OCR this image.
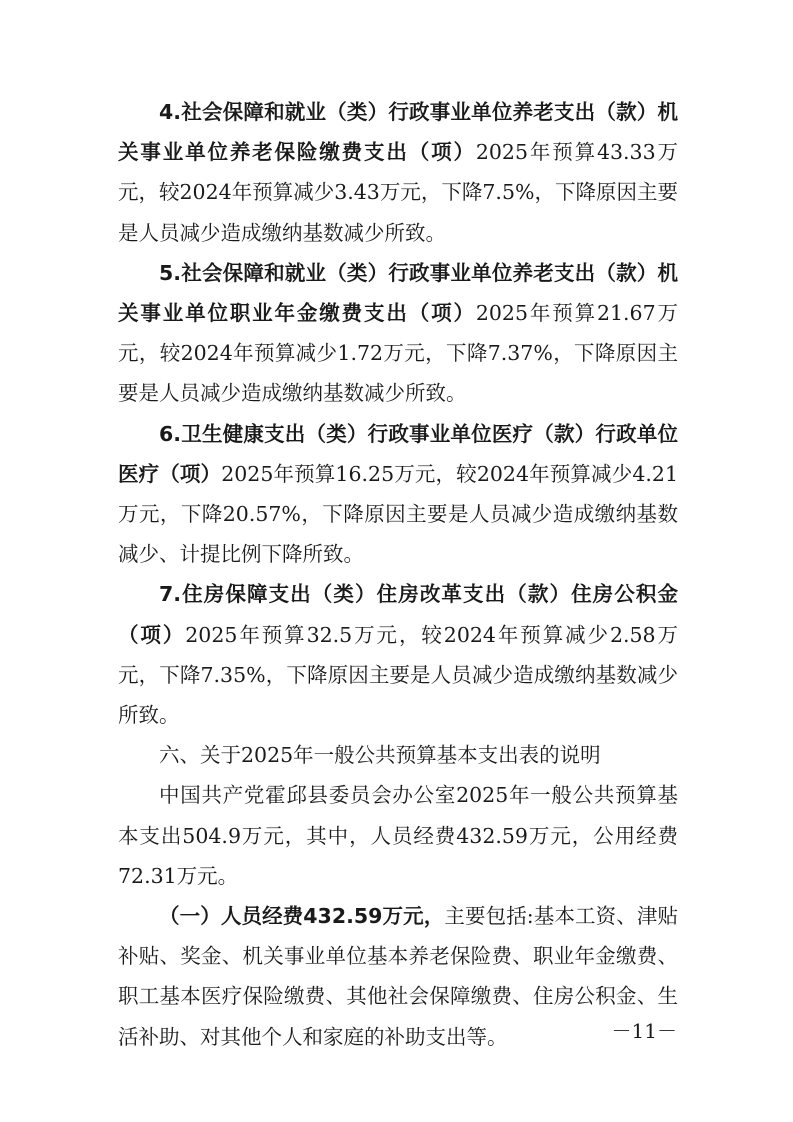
4.社会保障和就业（类）行政事业单位养老支出（款）机关事业单位养老保险缴费支出（项）2025年预算43.33万元，较2024年预算减少3.43万元，下降7.5%，下降原因主要是人员减少造成缴纳基数减少所致。

5.社会保障和就业（类）行政事业单位养老支出（款）机关事业单位职业年金缴费支出（项）2025年预算21.67万元，较2024年预算减少1.72万元，下降7.37%，下降原因主要是人员减少造成缴纳基数减少所致。

6.卫生健康支出（类）行政事业单位医疗（款）行政单位医疗（项）2025年预算16.25万元，较2024年预算减少4.21万元，下降20.57%，下降原因主要是人员减少造成缴纳基数减少、计提比例下降所致。

7.住房保障支出（类）住房改革支出（款）住房公积金（项）2025年预算32.5万元，较2024年预算减少2.58万元，下降7.35%，下降原因主要是人员减少造成缴纳基数减少所致。

六、关于2025年一般公共预算基本支出表的说明

中国共产党霍邱县委员会办公室2025年一般公共预算基本支出504.9万元，其中，人员经费432.59万元，公用经费72.31万元。

（一）人员经费432.59万元，主要包括:基本工资、津贴补贴、奖金、机关事业单位基本养老保险费、职业年金缴费、职工基本医疗保险缴费、其他社会保障缴费、住房公积金、生活补助、对其他个人和家庭的补助支出等。	－11－
